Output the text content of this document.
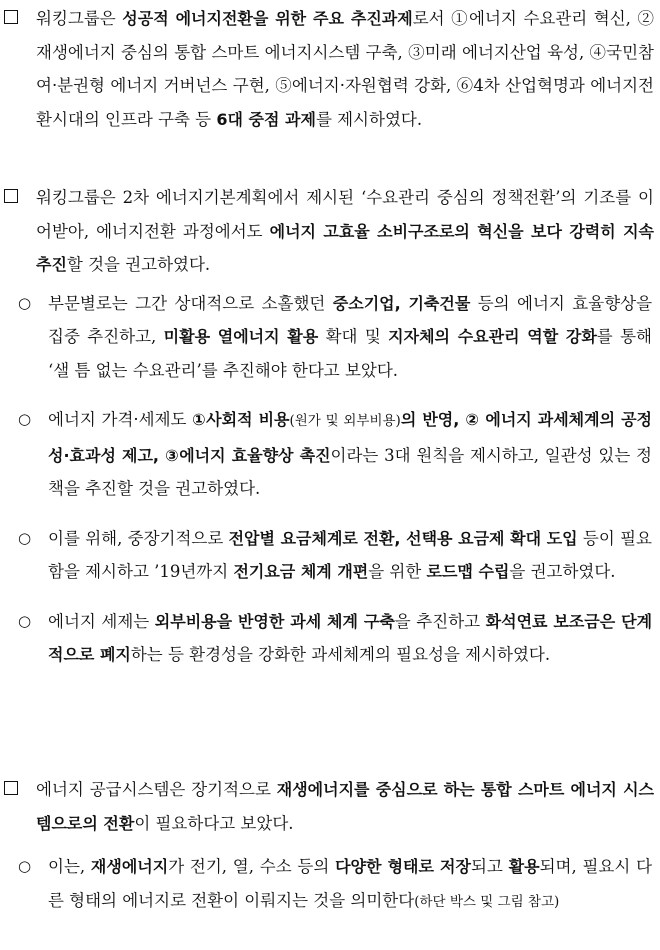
워킹그룹은 성공적 에너지전환을 위한 주요 추진과제로서 ①에너지 수요관리 혁신, ②재생에너지 중심의 통합 스마트 에너지시스템 구축, ③미래 에너지산업 육성, ④국민참여·분권형 에너지 거버넌스 구현, ⑤에너지·자원협력 강화, ⑥4차 산업혁명과 에너지전환시대의 인프라 구축 등 6대 중점 과제를 제시하였다.
워킹그룹은 2차 에너지기본계획에서 제시된 ‘수요관리 중심의 정책전환’의 기조를 이어받아, 에너지전환 과정에서도 에너지 고효율 소비구조로의 혁신을 보다 강력히 지속 추진할 것을 권고하였다.
○ 부문별로는 그간 상대적으로 소홀했던 중소기업, 기축건물 등의 에너지 효율향상을 집중 추진하고, 미활용 열에너지 활용 확대 및 지자체의 수요관리 역할 강화를 통해 ‘샐 틈 없는 수요관리’를 추진해야 한다고 보았다.
○ 에너지 가격·세제도 ①사회적 비용(원가 및 외부비용)의 반영, ② 에너지 과세체계의 공정성·효과성 제고, ③에너지 효율향상 촉진이라는 3대 원칙을 제시하고, 일관성 있는 정책을 추진할 것을 권고하였다.
○ 이를 위해, 중장기적으로 전압별 요금체계로 전환, 선택용 요금제 확대 도입 등이 필요함을 제시하고 ’19년까지 전기요금 체계 개편을 위한 로드맵 수립을 권고하였다.
○ 에너지 세제는 외부비용을 반영한 과세 체계 구축을 추진하고 화석연료 보조금은 단계적으로 폐지하는 등 환경성을 강화한 과세체계의 필요성을 제시하였다.
에너지 공급시스템은 장기적으로 재생에너지를 중심으로 하는 통합 스마트 에너지 시스템으로의 전환이 필요하다고 보았다.
○ 이는, 재생에너지가 전기, 열, 수소 등의 다양한 형태로 저장되고 활용되며, 필요시 다른 형태의 에너지로 전환이 이뤄지는 것을 의미한다(하단 박스 및 그림 참고)
